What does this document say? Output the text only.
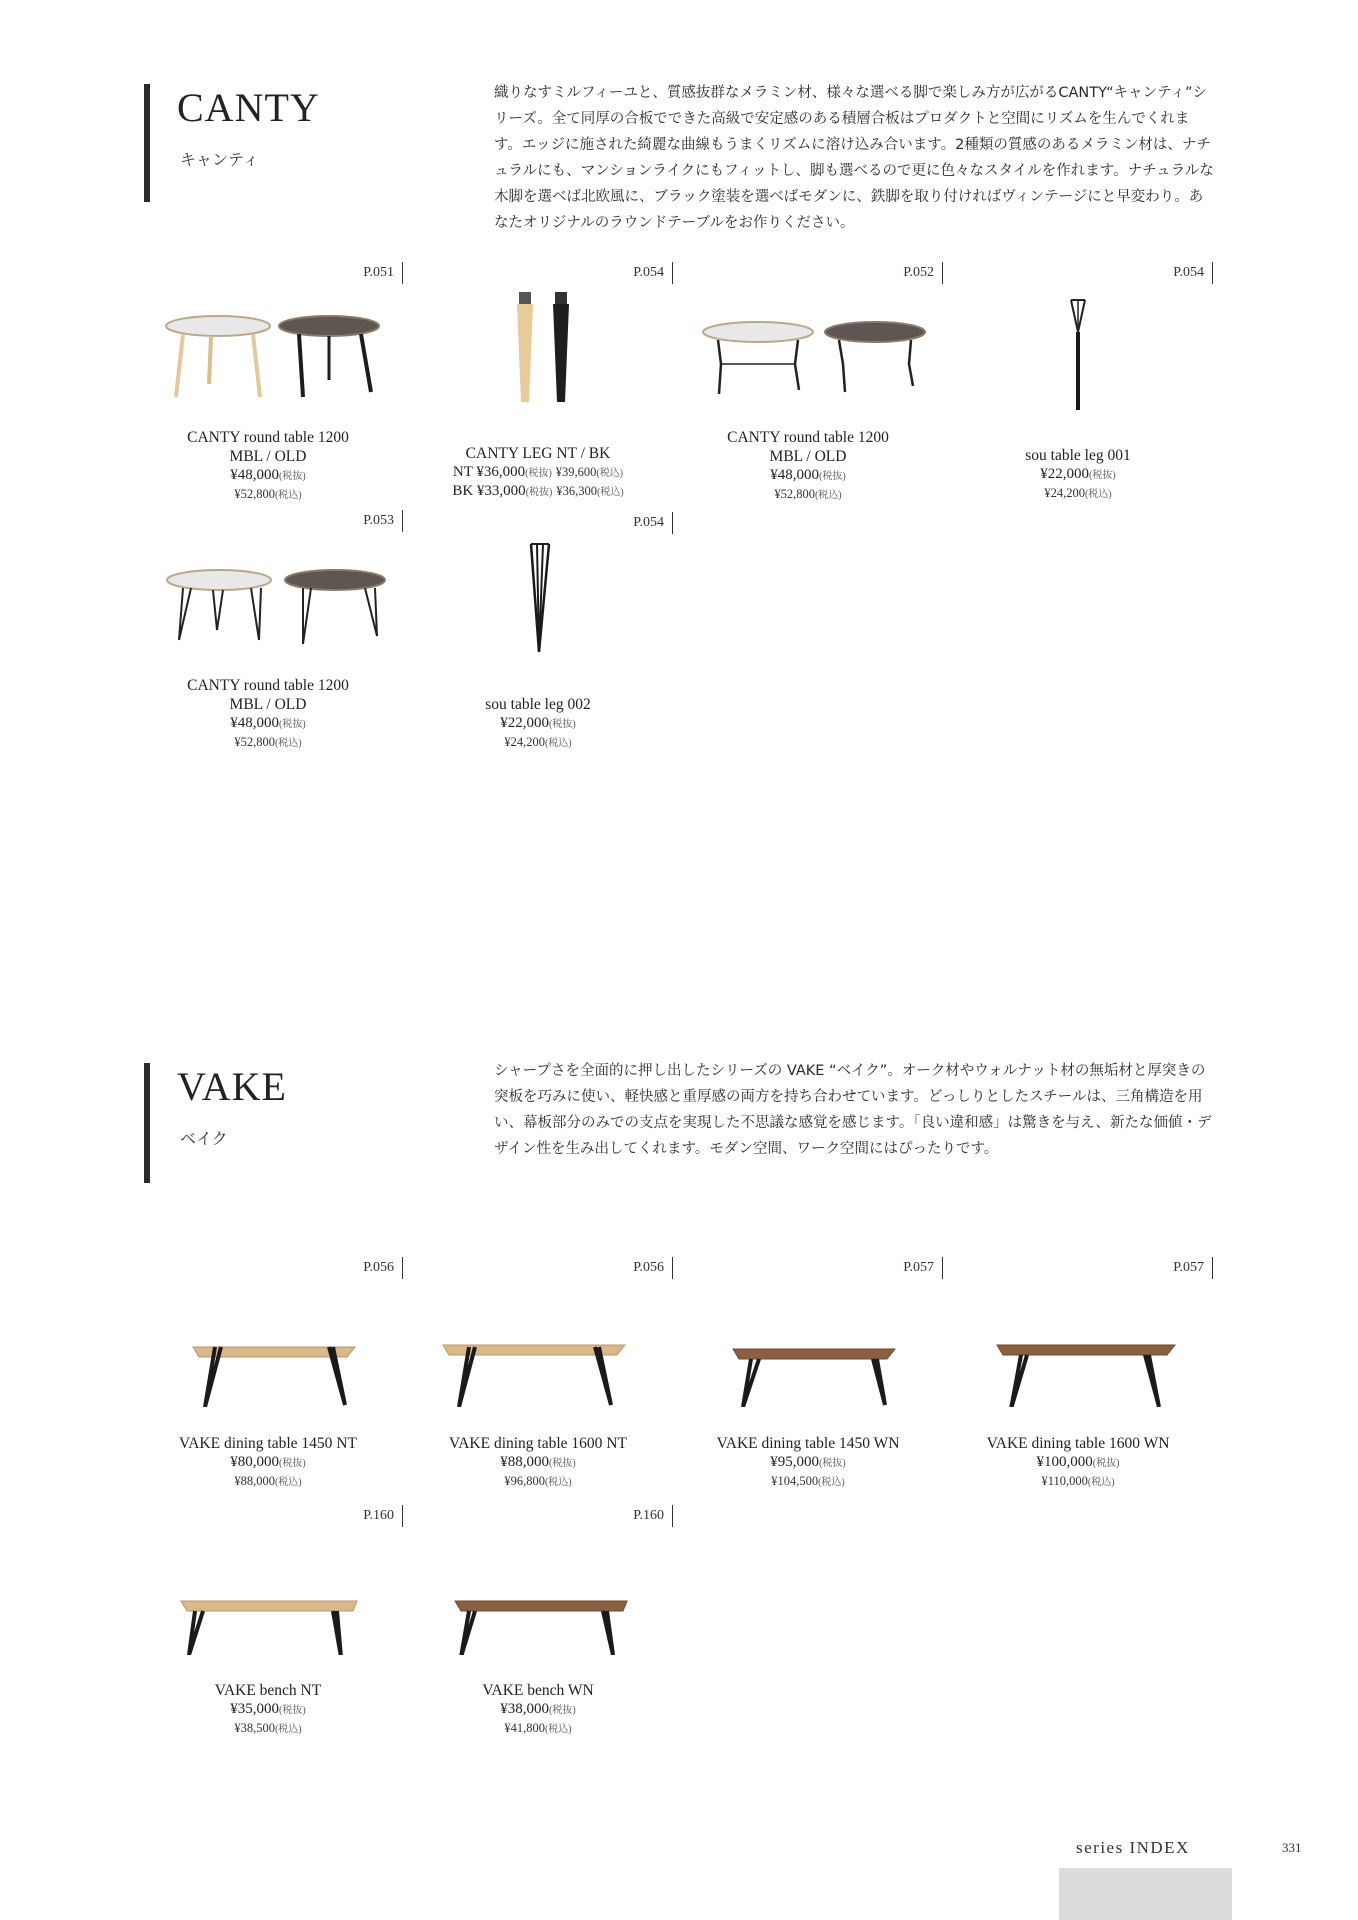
CANTY
キャンティ
織りなすミルフィーユと、質感抜群なメラミン材、様々な選べる脚で楽しみ方が広がるCANTY“キャンティ”シリーズ。全て同厚の合板でできた高級で安定感のある積層合板はプロダクトと空間にリズムを生んでくれます。エッジに施された綺麗な曲線もうまくリズムに溶け込み合います。2種類の質感のあるメラミン材は、ナチュラルにも、マンションライクにもフィットし、脚も選べるので更に色々なスタイルを作れます。ナチュラルな木脚を選べば北欧風に、ブラック塗装を選べばモダンに、鉄脚を取り付ければヴィンテージにと早変わり。あなたオリジナルのラウンドテーブルをお作りください。
P.051
CANTY round table 1200
MBL / OLD
¥48,000(税抜)
¥52,800(税込)
P.054
CANTY LEG NT / BK
NT ¥36,000(税抜) ¥39,600(税込)
BK ¥33,000(税抜) ¥36,300(税込)
P.052
CANTY round table 1200
MBL / OLD
¥48,000(税抜)
¥52,800(税込)
P.054
sou table leg 001
¥22,000(税抜)
¥24,200(税込)
P.053
CANTY round table 1200
MBL / OLD
¥48,000(税抜)
¥52,800(税込)
P.054
sou table leg 002
¥22,000(税抜)
¥24,200(税込)
VAKE
ベイク
シャープさを全面的に押し出したシリーズの VAKE “ベイク”。オーク材やウォルナット材の無垢材と厚突きの突板を巧みに使い、軽快感と重厚感の両方を持ち合わせています。どっしりとしたスチールは、三角構造を用い、幕板部分のみでの支点を実現した不思議な感覚を感じます。「良い違和感」は驚きを与え、新たな価値・デザイン性を生み出してくれます。モダン空間、ワーク空間にはぴったりです。
P.056
VAKE dining table 1450 NT
¥80,000(税抜)
¥88,000(税込)
P.056
VAKE dining table 1600 NT
¥88,000(税抜)
¥96,800(税込)
P.057
VAKE dining table 1450 WN
¥95,000(税抜)
¥104,500(税込)
P.057
VAKE dining table 1600 WN
¥100,000(税抜)
¥110,000(税込)
P.160
VAKE bench NT
¥35,000(税抜)
¥38,500(税込)
P.160
VAKE bench WN
¥38,000(税抜)
¥41,800(税込)
series INDEX	331
